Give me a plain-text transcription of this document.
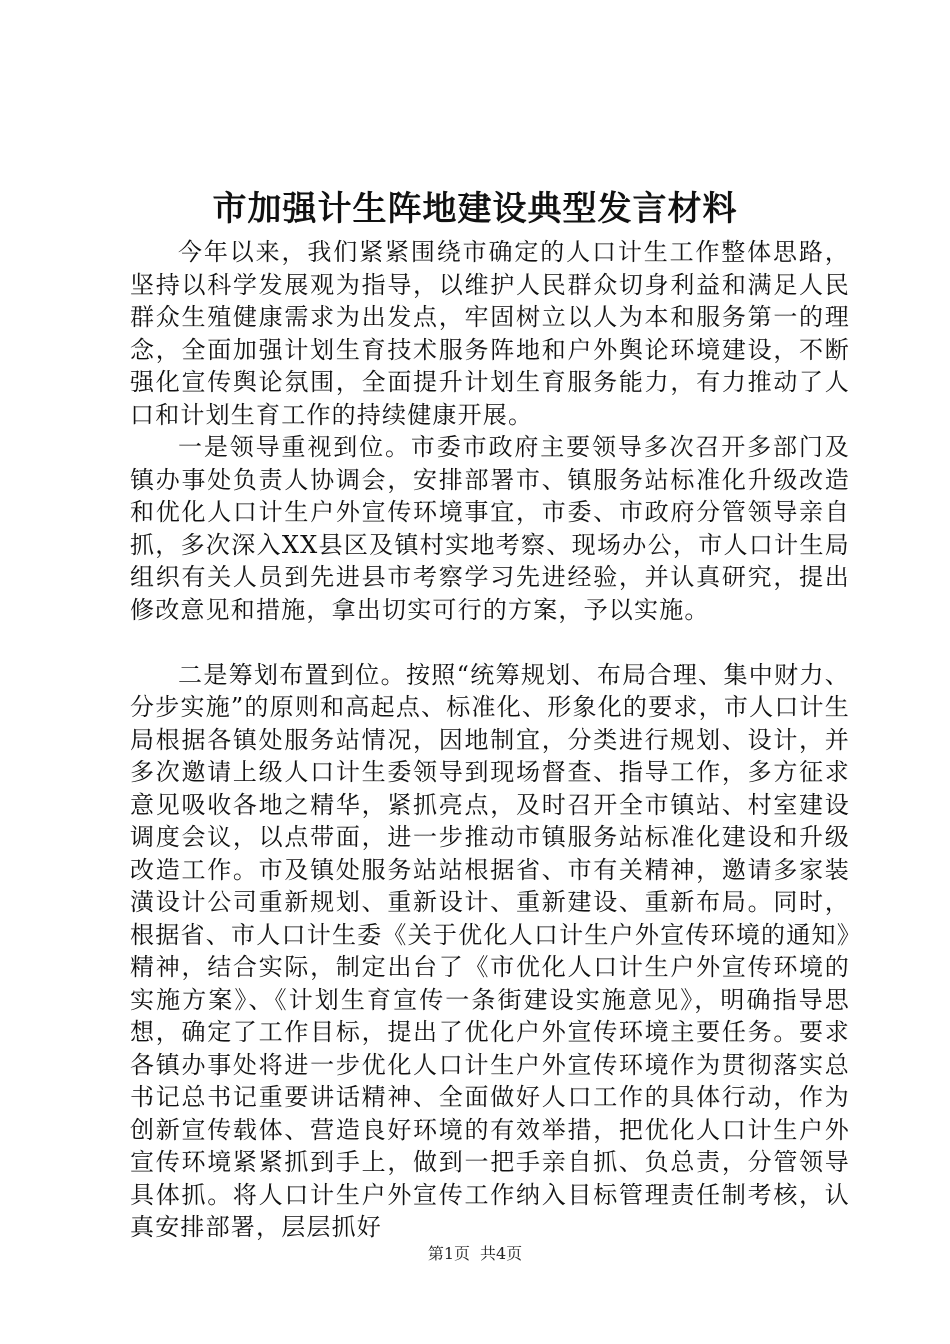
市加强计生阵地建设典型发言材料

今年以来，我们紧紧围绕市确定的人口计生工作整体思路，坚持以科学发展观为指导，以维护人民群众切身利益和满足人民群众生殖健康需求为出发点，牢固树立以人为本和服务第一的理念，全面加强计划生育技术服务阵地和户外舆论环境建设，不断强化宣传舆论氛围，全面提升计划生育服务能力，有力推动了人口和计划生育工作的持续健康开展。

一是领导重视到位。市委市政府主要领导多次召开多部门及镇办事处负责人协调会，安排部署市、镇服务站标准化升级改造和优化人口计生户外宣传环境事宜，市委、市政府分管领导亲自抓，多次深入XX县区及镇村实地考察、现场办公，市人口计生局组织有关人员到先进县市考察学习先进经验，并认真研究，提出修改意见和措施，拿出切实可行的方案，予以实施。

二是筹划布置到位。按照“统筹规划、布局合理、集中财力、分步实施”的原则和高起点、标准化、形象化的要求，市人口计生局根据各镇处服务站情况，因地制宜，分类进行规划、设计，并多次邀请上级人口计生委领导到现场督查、指导工作，多方征求意见吸收各地之精华，紧抓亮点，及时召开全市镇站、村室建设调度会议，以点带面，进一步推动市镇服务站标准化建设和升级改造工作。市及镇处服务站站根据省、市有关精神，邀请多家装潢设计公司重新规划、重新设计、重新建设、重新布局。同时，根据省、市人口计生委《关于优化人口计生户外宣传环境的通知》精神，结合实际，制定出台了《市优化人口计生户外宣传环境的实施方案》、《计划生育宣传一条街建设实施意见》，明确指导思想，确定了工作目标，提出了优化户外宣传环境主要任务。要求各镇办事处将进一步优化人口计生户外宣传环境作为贯彻落实总书记总书记重要讲话精神、全面做好人口工作的具体行动，作为创新宣传载体、营造良好环境的有效举措，把优化人口计生户外宣传环境紧紧抓到手上，做到一把手亲自抓、负总责，分管领导具体抓。将人口计生户外宣传工作纳入目标管理责任制考核，认真安排部署，层层抓好

第1页 共4页
